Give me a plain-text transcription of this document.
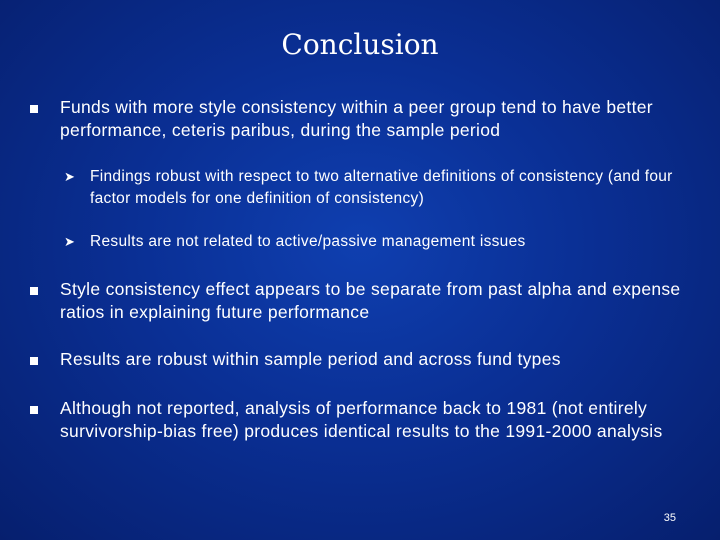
Conclusion
Funds with more style consistency within a peer group tend to have better performance, ceteris paribus, during the sample period
➤ Findings robust with respect to two alternative definitions of consistency (and four factor models for one definition of consistency)
➤ Results are not related to active/passive management issues
Style consistency effect appears to be separate from past alpha and expense ratios in explaining future performance
Results are robust within sample period and across fund types
Although not reported, analysis of performance back to 1981 (not entirely survivorship-bias free) produces identical results to the 1991-2000 analysis
35
